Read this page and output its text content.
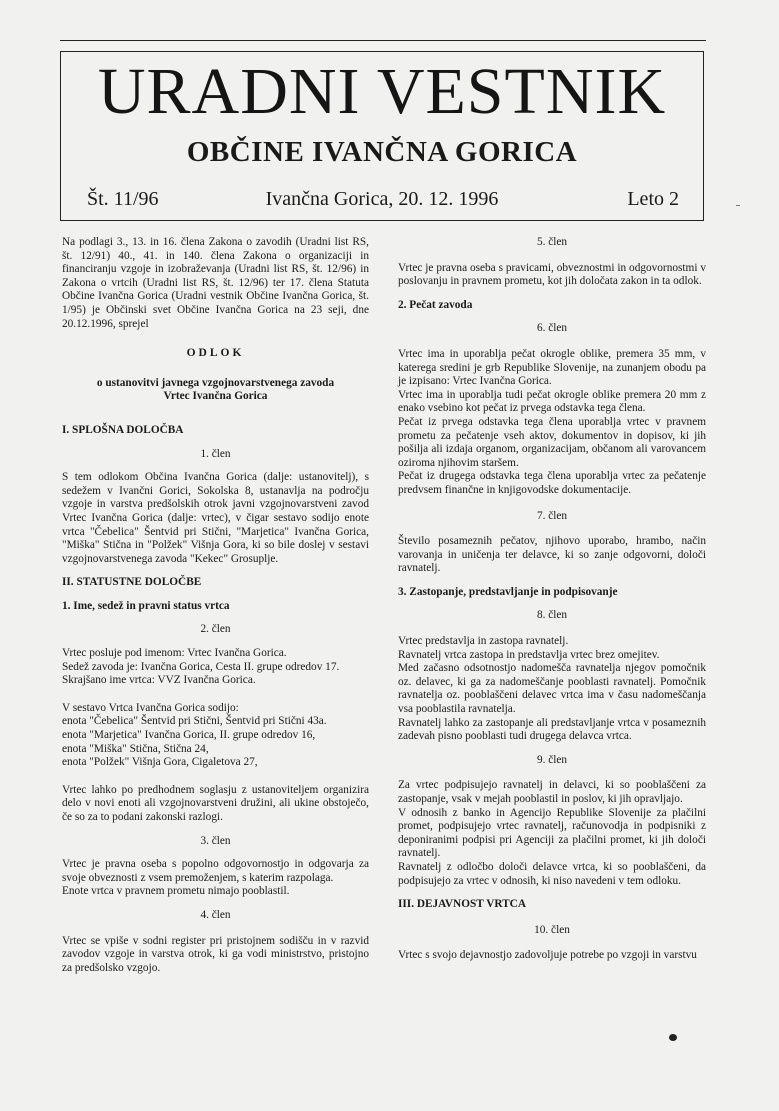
URADNI VESTNIK
OBČINE IVANČNA GORICA
Št. 11/96	Ivančna Gorica, 20. 12. 1996	Leto 2

Na podlagi 3., 13. in 16. člena Zakona o zavodih (Uradni list RS, št. 12/91) 40., 41. in 140. člena Zakona o organizaciji in financiranju vzgoje in izobraževanja (Uradni list RS, št. 12/96) in Zakona o vrtcih (Uradni list RS, št. 12/96) ter 17. člena Statuta Občine Ivančna Gorica (Uradni vestnik Občine Ivančna Gorica, št. 1/95) je Občinski svet Občine Ivančna Gorica na 23 seji, dne 20.12.1996, sprejel

ODLOK
o ustanovitvi javnega vzgojnovarstvenega zavoda
Vrtec Ivančna Gorica
I. SPLOŠNA DOLOČBA
1. člen

S tem odlokom Občina Ivančna Gorica (dalje: ustanovitelj), s sedežem v Ivančni Gorici, Sokolska 8, ustanavlja na področju vzgoje in varstva predšolskih otrok javni vzgojnovarstveni zavod Vrtec Ivančna Gorica (dalje: vrtec), v čigar sestavo sodijo enote vrtca "Čebelica" Šentvid pri Stični, "Marjetica" Ivančna Gorica, "Miška" Stična in "Polžek" Višnja Gora, ki so bile doslej v sestavi vzgojnovarstvenega zavoda "Kekec" Grosuplje.

II. STATUSTNE DOLOČBE
1. Ime, sedež in pravni status vrtca
2. člen
Vrtec posluje pod imenom: Vrtec Ivančna Gorica.
Sedež zavoda je: Ivančna Gorica, Cesta II. grupe odredov 17.
Skrajšano ime vrtca: VVZ Ivančna Gorica.
V sestavo Vrtca Ivančna Gorica sodijo:
enota "Čebelica" Šentvid pri Stični, Šentvid pri Stični 43a.
enota "Marjetica" Ivančna Gorica, II. grupe odredov 16,
enota "Miška" Stična, Stična 24,
enota "Polžek" Višnja Gora, Cigaletova 27,

Vrtec lahko po predhodnem soglasju z ustanoviteljem organizira delo v novi enoti ali vzgojnovarstveni družini, ali ukine obstoječo, če so za to podani zakonski razlogi.

3. člen

Vrtec je pravna oseba s popolno odgovornostjo in odgovarja za svoje obveznosti z vsem premoženjem, s katerim razpolaga.

Enote vrtca v pravnem prometu nimajo pooblastil.

4. člen

Vrtec se vpiše v sodni register pri pristojnem sodišču in v razvid zavodov vzgoje in varstva otrok, ki ga vodi ministrstvo, pristojno za predšolsko vzgojo.

5. člen

Vrtec je pravna oseba s pravicami, obveznostmi in odgovornostmi v poslovanju in pravnem prometu, kot jih določata zakon in ta odlok.

2. Pečat zavoda
6. člen

Vrtec ima in uporablja pečat okrogle oblike, premera 35 mm, v katerega sredini je grb Republike Slovenije, na zunanjem obodu pa je izpisano: Vrtec Ivančna Gorica.

Vrtec ima in uporablja tudi pečat okrogle oblike premera 20 mm z enako vsebino kot pečat iz prvega odstavka tega člena.

Pečat iz prvega odstavka tega člena uporablja vrtec v pravnem prometu za pečatenje vseh aktov, dokumentov in dopisov, ki jih pošilja ali izdaja organom, organizacijam, občanom ali varovancem oziroma njihovim staršem.

Pečat iz drugega odstavka tega člena uporablja vrtec za pečatenje predvsem finančne in knjigovodske dokumentacije.

7. člen

Število posameznih pečatov, njihovo uporabo, hrambo, način varovanja in uničenja ter delavce, ki so zanje odgovorni, določi ravnatelj.

3. Zastopanje, predstavljanje in podpisovanje
8. člen
Vrtec predstavlja in zastopa ravnatelj.
Ravnatelj vrtca zastopa in predstavlja vrtec brez omejitev.

Med začasno odsotnostjo nadomešča ravnatelja njegov pomočnik oz. delavec, ki ga za nadomeščanje pooblasti ravnatelj. Pomočnik ravnatelja oz. pooblaščeni delavec vrtca ima v času nadomeščanja vsa pooblastila ravnatelja.

Ravnatelj lahko za zastopanje ali predstavljanje vrtca v posameznih zadevah pisno pooblasti tudi drugega delavca vrtca.

9. člen

Za vrtec podpisujejo ravnatelj in delavci, ki so pooblaščeni za zastopanje, vsak v mejah pooblastil in poslov, ki jih opravljajo.

V odnosih z banko in Agencijo Republike Slovenije za plačilni promet, podpisujejo vrtec ravnatelj, računovodja in podpisniki z deponiranimi podpisi pri Agenciji za plačilni promet, ki jih določi ravnatelj.

Ravnatelj z odločbo določi delavce vrtca, ki so pooblaščeni, da podpisujejo za vrtec v odnosih, ki niso navedeni v tem odloku.

III. DEJAVNOST VRTCA
10. člen

Vrtec s svojo dejavnostjo zadovoljuje potrebe po vzgoji in varstvu
